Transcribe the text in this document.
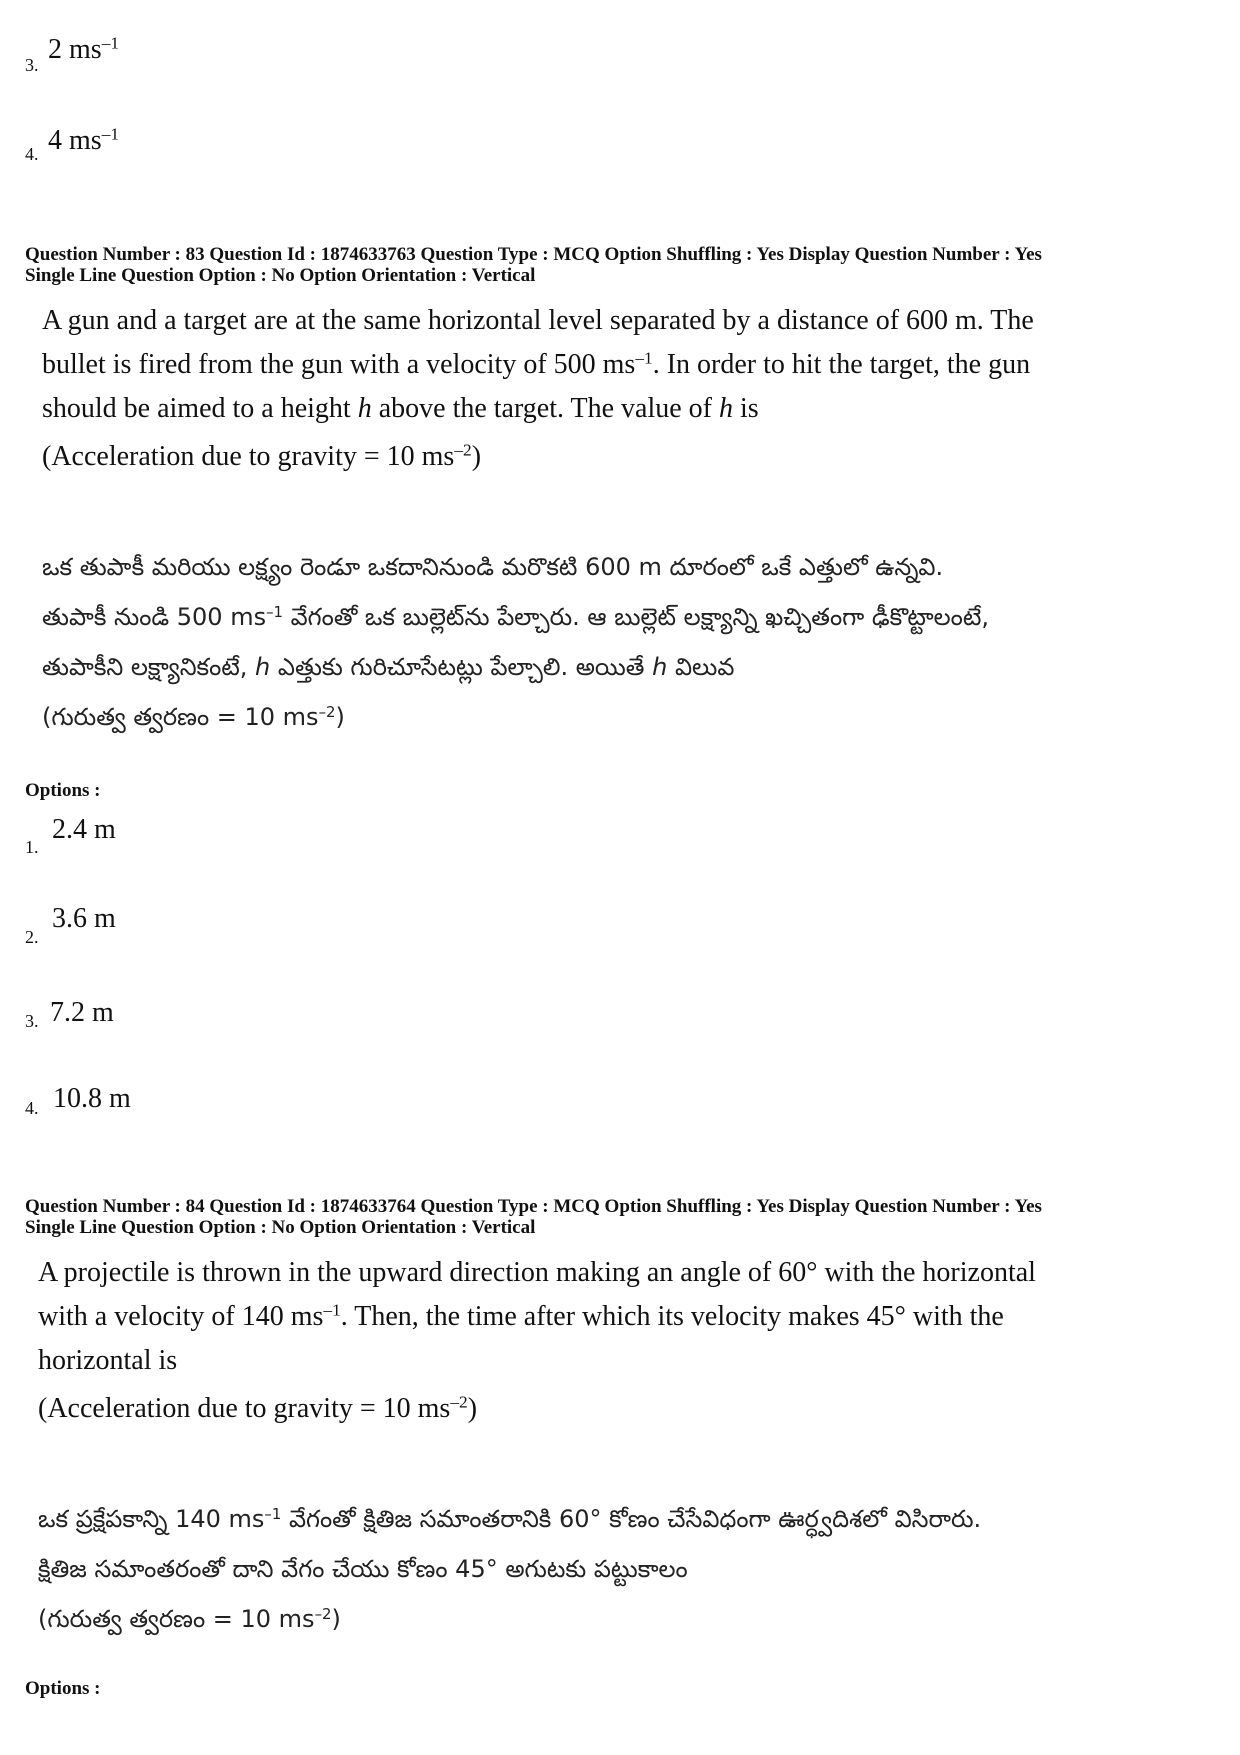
3. 2 $ms^{-1}$
4. 4 $ms^{-1}$
Question Number : 83 Question Id : 1874633763 Question Type : MCQ Option Shuffling : Yes Display Question Number : Yes
Single Line Question Option : No Option Orientation : Vertical
A gun and a target are at the same horizontal level separated by a distance of 600 m. The
bullet is fired from the gun with a velocity of 500 $ms^{-1}$. In order to hit the target, the gun
should be aimed to a height h above the target. The value of h is
(Acceleration due to gravity = 10 $ms^{-2}$)
ఒక తుపాకీ మరియు లక్ష్యం రెండూ ఒకదానినుండి మరొకటి 600 m దూరంలో ఒకే ఎత్తులో ఉన్నవి.
తుపాకీ నుండి 500 $ms^{-1}$ వేగంతో ఒక బుల్లెట్‌ను పేల్చారు. ఆ బుల్లెట్ లక్ష్యాన్ని ఖచ్చితంగా ఢీకొట్టాలంటే,
తుపాకీని లక్ష్యానికంటే, h ఎత్తుకు గురిచూసేటట్లు పేల్చాలి. అయితే h విలువ
(గురుత్వ త్వరణం = 10 $ms^{-2}$)
Options :
1.
2.4 m
2.
3.6 m
3. 7.2 m
4. 10.8 m
Question Number : 84 Question Id : 1874633764 Question Type : MCQ Option Shuffling : Yes Display Question Number : Yes
Single Line Question Option : No Option Orientation : Vertical
A projectile is thrown in the upward direction making an angle of 60° with the horizontal
with a velocity of 140 $ms^{-1}$. Then, the time after which its velocity makes 45° with the
horizontal is
(Acceleration due to gravity = 10 $ms^{-2}$)
ఒక ప్రక్షేపకాన్ని 140 $ms^{-1}$ వేగంతో క్షితిజ సమాంతరానికి 60° కోణం చేసేవిధంగా ఊర్ధ్వదిశలో విసిరారు.
క్షితిజ సమాంతరంతో దాని వేగం చేయు కోణం 45° అగుటకు పట్టుకాలం
(గురుత్వ త్వరణం = 10 $ms^{-2}$)
Options :
